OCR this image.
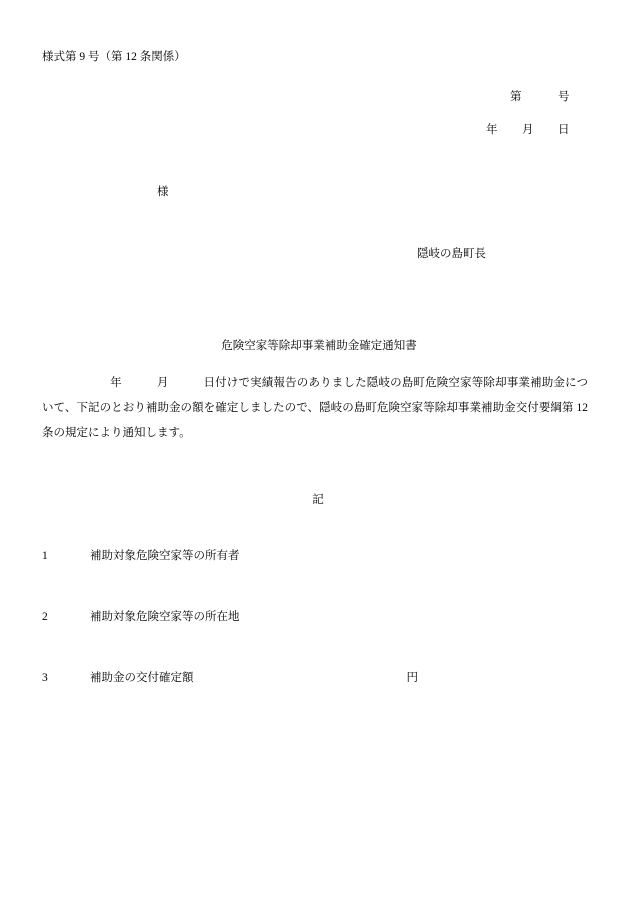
様式第 9 号（第 12 条関係）
第　　　号
年　　月　　日
様
隠岐の島町長
危険空家等除却事業補助金確定通知書
年　　　月　　　日付けで実績報告のありました隠岐の島町危険空家等除却事業補助金について、下記のとおり補助金の額を確定しましたので、隠岐の島町危険空家等除却事業補助金交付要綱第 12 条の規定により通知します。
記
1	補助対象危険空家等の所有者
2	補助対象危険空家等の所在地
3	補助金の交付確定額	円
